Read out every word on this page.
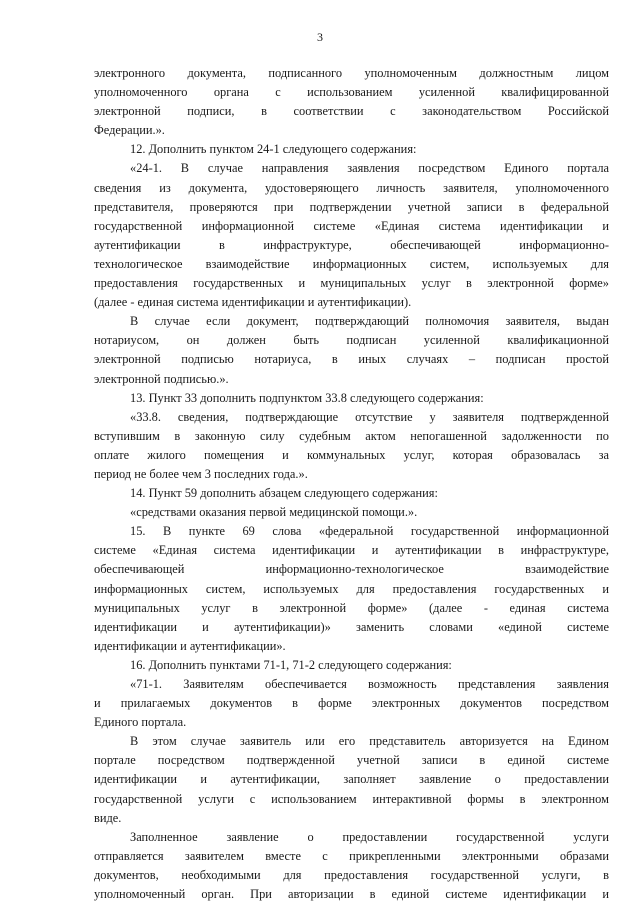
3
электронного документа, подписанного уполномоченным должностным лицом
уполномоченного органа с использованием усиленной квалифицированной
электронной подписи, в соответствии с законодательством Российской
Федерации.».
12. Дополнить пунктом 24-1 следующего содержания:
«24-1. В случае направления заявления посредством Единого портала
сведения из документа, удостоверяющего личность заявителя, уполномоченного
представителя, проверяются при подтверждении учетной записи в федеральной
государственной информационной системе «Единая система идентификации и
аутентификации в инфраструктуре, обеспечивающей информационно-
технологическое взаимодействие информационных систем, используемых для
предоставления государственных и муниципальных услуг в электронной форме»
(далее - единая система идентификации и аутентификации).
В случае если документ, подтверждающий полномочия заявителя, выдан
нотариусом, он должен быть подписан усиленной квалификационной
электронной подписью нотариуса, в иных случаях – подписан простой
электронной подписью.».
13. Пункт 33 дополнить подпунктом 33.8 следующего содержания:
«33.8. сведения, подтверждающие отсутствие у заявителя подтвержденной
вступившим в законную силу судебным актом непогашенной задолженности по
оплате жилого помещения и коммунальных услуг, которая образовалась за
период не более чем 3 последних года.».
14. Пункт 59 дополнить абзацем следующего содержания:
«средствами оказания первой медицинской помощи.».
15. В пункте 69 слова «федеральной государственной информационной
системе «Единая система идентификации и аутентификации в инфраструктуре,
обеспечивающей информационно-технологическое взаимодействие
информационных систем, используемых для предоставления государственных и
муниципальных услуг в электронной форме» (далее - единая система
идентификации и аутентификации)» заменить словами «единой системе
идентификации и аутентификации».
16. Дополнить пунктами 71-1, 71-2 следующего содержания:
«71-1. Заявителям обеспечивается возможность представления заявления
и прилагаемых документов в форме электронных документов посредством
Единого портала.
В этом случае заявитель или его представитель авторизуется на Едином
портале посредством подтвержденной учетной записи в единой системе
идентификации и аутентификации, заполняет заявление о предоставлении
государственной услуги с использованием интерактивной формы в электронном
виде.
Заполненное заявление о предоставлении государственной услуги
отправляется заявителем вместе с прикрепленными электронными образами
документов, необходимыми для предоставления государственной услуги, в
уполномоченный орган. При авторизации в единой системе идентификации и
